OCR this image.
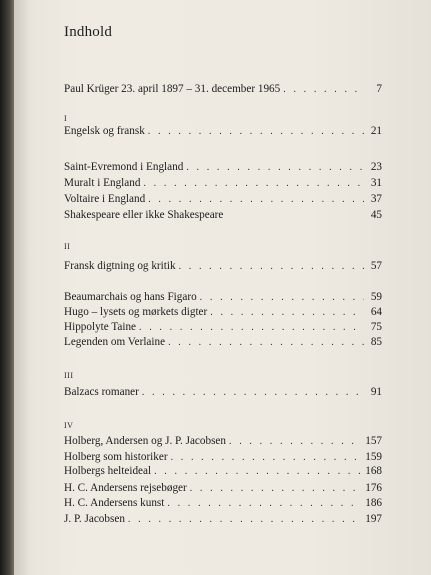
Indhold
Paul Krüger 23. april 1897 – 31. december 1965 . . .	7
I
Engelsk og fransk . . .	21
Saint-Evremond i England . . .	23
Muralt i England . . .	31
Voltaire i England . . .	37
Shakespeare eller ikke Shakespeare	45
II
Fransk digtning og kritik . . .	57
Beaumarchais og hans Figaro . . .	59
Hugo – lysets og mørkets digter . . .	64
Hippolyte Taine . . .	75
Legenden om Verlaine . . .	85
III
Balzacs romaner . . .	91
IV
Holberg, Andersen og J. P. Jacobsen . . .	157
Holberg som historiker . . .	159
Holbergs helteideal . . .	168
H. C. Andersens rejsebøger . . .	176
H. C. Andersens kunst . . .	186
J. P. Jacobsen . . .	197
